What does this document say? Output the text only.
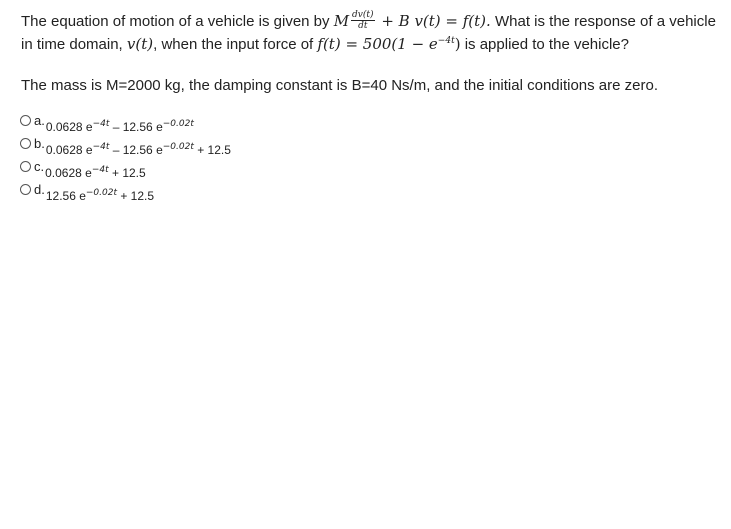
The equation of motion of a vehicle is given by M $\frac{dv(t)}{dt} + B$ v(t) = f(t). What is the response of a vehicle
in time domain, v(t), when the input force of $f(t) = 500(1 - e^{-4t})$ is applied to the vehicle?
The mass is M=2000 kg, the damping constant is B=40 Ns/m, and the initial conditions are zero.
a. 0.0628 $e^{-4t} - 12.56$ $e^{-0.02t}$
b. 0.0628 $e^{-4t} - 12.56$ $e^{-0.02t} + 12.5$
c. 0.0628 $e^{-4t} + 12.5$
d. 12.56 $e^{-0.02t} + 12.5$
